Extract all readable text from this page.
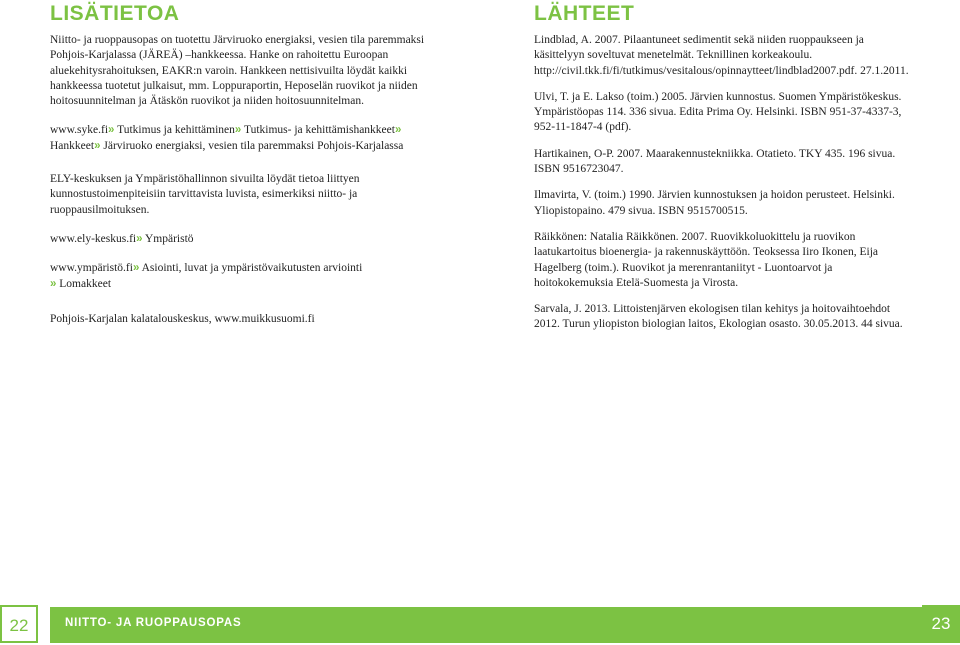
LISÄTIETOA

Niitto- ja ruoppausopas on tuotettu Järviruoko energiaksi, vesien tila paremmaksi Pohjois-Karjalassa (JÄREÄ) –hankkeessa. Hanke on rahoitettu Euroopan aluekehitysrahoituksen, EAKR:n varoin. Hankkeen nettisivuilta löydät kaikki hankkeessa tuotetut julkaisut, mm. Loppuraportin, Heposelän ruovikot ja niiden hoitosuunnitelman ja Ätäskön ruovikot ja niiden hoitosuunnitelman.

www.syke.fi» Tutkimus ja kehittäminen» Tutkimus- ja kehittämishankkeet» Hankkeet» Järviruoko energiaksi, vesien tila paremmaksi Pohjois-Karjalassa

ELY-keskuksen ja Ympäristöhallinnon sivuilta löydät tietoa liittyen kunnostustoimenpiteisiin tarvittavista luvista, esimerkiksi niitto- ja ruoppausilmoituksen.

www.ely-keskus.fi» Ympäristö

www.ympäristö.fi» Asiointi, luvat ja ympäristövaikutusten arviointi
» Lomakkeet

Pohjois-Karjalan kalatalouskeskus, www.muikkusuomi.fi

LÄHTEET

Lindblad, A. 2007. Pilaantuneet sedimentit sekä niiden ruoppaukseen ja käsittelyyn soveltuvat menetelmät. Teknillinen korkeakoulu. http://civil.tkk.fi/fi/tutkimus/vesitalous/opinnaytteet/lindblad2007.pdf. 27.1.2011.

Ulvi, T. ja E. Lakso (toim.) 2005. Järvien kunnostus. Suomen Ympäristökeskus. Ympäristöopas 114. 336 sivua. Edita Prima Oy. Helsinki. ISBN 951-37-4337-3, 952-11-1847-4 (pdf).

Hartikainen, O-P. 2007. Maarakennustekniikka. Otatieto. TKY 435. 196 sivua. ISBN 9516723047.

Ilmavirta, V. (toim.) 1990. Järvien kunnostuksen ja hoidon perusteet. Helsinki. Yliopistopaino. 479 sivua. ISBN 9515700515.

Räikkönen: Natalia Räikkönen. 2007. Ruovikkoluokittelu ja ruovikon laatukartoitus bioenergia- ja rakennuskäyttöön. Teoksessa Iiro Ikonen, Eija Hagelberg (toim.). Ruovikot ja merenrantaniityt - Luontoarvot ja hoitokokemuksia Etelä-Suomesta ja Virosta.

Sarvala, J. 2013. Littoistenjärven ekologisen tilan kehitys ja hoitovaihtoehdot 2012. Turun yliopiston biologian laitos, Ekologian osasto. 30.05.2013. 44 sivua.

22	NIITTO- JA RUOPPAUSOPAS	23
